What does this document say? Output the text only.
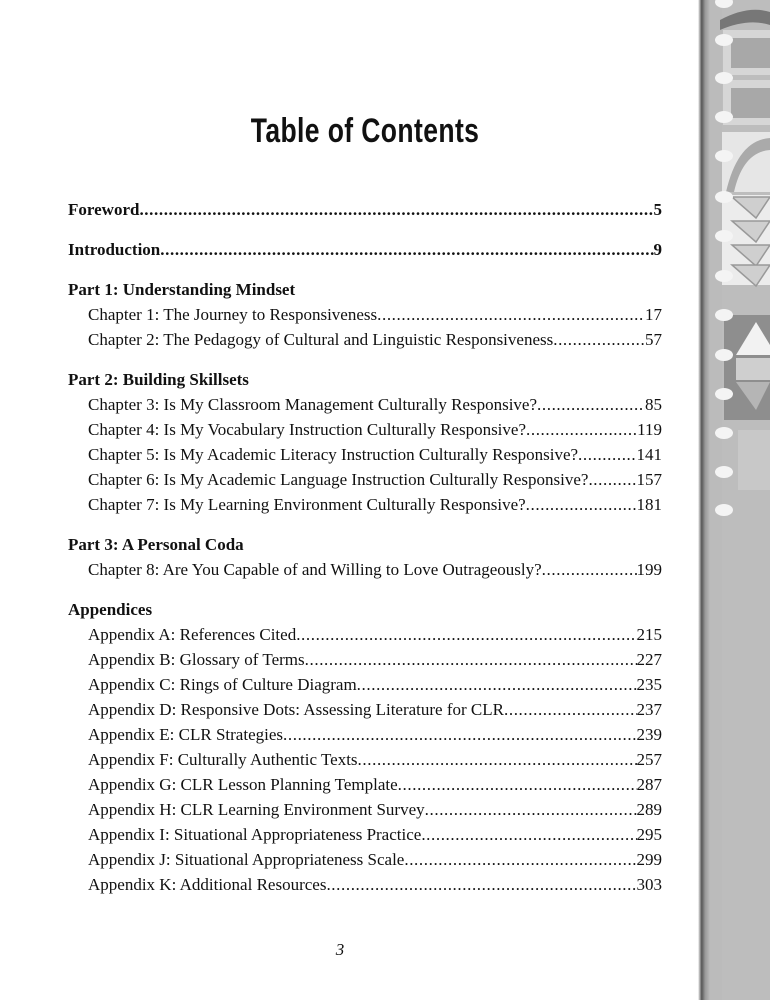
Table of Contents
Foreword .....	5
Introduction .....	9
Part 1: Understanding Mindset
Chapter 1: The Journey to Responsiveness .....	17
Chapter 2: The Pedagogy of Cultural and Linguistic Responsiveness .....	57
Part 2: Building Skillsets
Chapter 3: Is My Classroom Management Culturally Responsive? .....	85
Chapter 4: Is My Vocabulary Instruction Culturally Responsive? .....	119
Chapter 5: Is My Academic Literacy Instruction Culturally Responsive? .....	141
Chapter 6: Is My Academic Language Instruction Culturally Responsive? .....	157
Chapter 7: Is My Learning Environment Culturally Responsive? .....	181
Part 3: A Personal Coda
Chapter 8: Are You Capable of and Willing to Love Outrageously? .....	199
Appendices
Appendix A: References Cited .....	215
Appendix B: Glossary of Terms .....	227
Appendix C: Rings of Culture Diagram .....	235
Appendix D: Responsive Dots: Assessing Literature for CLR .....	237
Appendix E: CLR Strategies .....	239
Appendix F: Culturally Authentic Texts .....	257
Appendix G: CLR Lesson Planning Template .....	287
Appendix H: CLR Learning Environment Survey .....	289
Appendix I: Situational Appropriateness Practice .....	295
Appendix J: Situational Appropriateness Scale .....	299
Appendix K: Additional Resources .....	303
3
